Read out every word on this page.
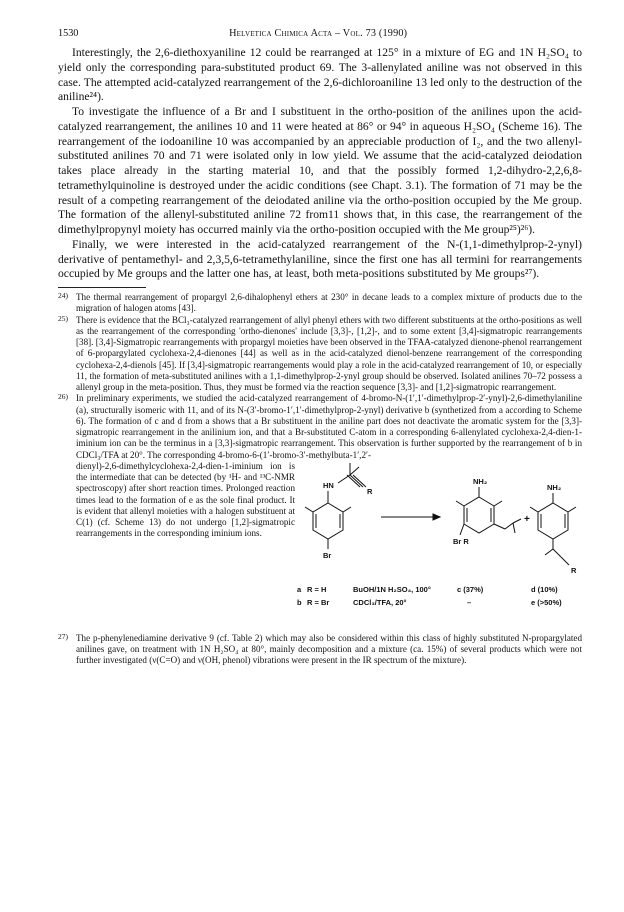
1530	Helvetica Chimica Acta – Vol. 73 (1990)

Interestingly, the 2,6-diethoxyaniline 12 could be rearranged at 125° in a mixture of EG and 1N H₂SO₄ to yield only the corresponding para-substituted product 69. The 3-allenylated aniline was not observed in this case. The attempted acid-catalyzed rearrangement of the 2,6-dichloroaniline 13 led only to the destruction of the aniline²⁴).

To investigate the influence of a Br and I substituent in the ortho-position of the anilines upon the acid-catalyzed rearrangement, the anilines 10 and 11 were heated at 86° or 94° in aqueous H₂SO₄ (Scheme 16). The rearrangement of the iodoaniline 10 was accompanied by an appreciable production of I₂, and the two allenyl-substituted anilines 70 and 71 were isolated only in low yield. We assume that the acid-catalyzed deiodation takes place already in the starting material 10, and that the possibly formed 1,2-dihydro-2,2,6,8-tetramethylquinoline is destroyed under the acidic conditions (see Chapt. 3.1). The formation of 71 may be the result of a competing rearrangement of the deiodated aniline via the ortho-position occupied by the Me group. The formation of the allenyl-substituted aniline 72 from11 shows that, in this case, the rearrangement of the dimethylpropynyl moiety has occurred mainly via the ortho-position occupied with the Me group²⁵)²⁶).

Finally, we were interested in the acid-catalyzed rearrangement of the N-(1,1-dimethylprop-2-ynyl) derivative of pentamethyl- and 2,3,5,6-tetramethylaniline, since the first one has all termini for rearrangements occupied by Me groups and the latter one has, at least, both meta-positions substituted by Me groups²⁷).

24) The thermal rearrangement of propargyl 2,6-dihalophenyl ethers at 230° in decane leads to a complex mixture of products due to the migration of halogen atoms [43].
25) There is evidence that the BCl₃-catalyzed rearrangement of allyl phenyl ethers with two different substituents at the ortho-positions as well as the rearrangement of the corresponding 'ortho-dienones' include [3,3]-, [1,2]-, and to some extent [3,4]-sigmatropic rearrangements [38]. [3,4]-Sigmatropic rearrangements with propargyl moieties have been observed in the TFAA-catalyzed dienone-phenol rearrangement of 6-propargylated cyclohexa-2,4-dienones [44] as well as in the acid-catalyzed dienol-benzene rearrangement of the corresponding cyclohexa-2,4-dienols [45]. If [3,4]-sigmatropic rearrangements would play a role in the acid-catalyzed rearrangement of 10, or especially 11, the formation of meta-substituted anilines with a 1,1-dimethylprop-2-ynyl group should be observed. Isolated anilines 70–72 possess a allenyl group in the meta-position. Thus, they must be formed via the reaction sequence [3,3]- and [1,2]-sigmatropic rearrangement.
26) In preliminary experiments, we studied the acid-catalyzed rearrangement of 4-bromo-N-(1′,1′-dimethylprop-2′-ynyl)-2,6-dimethylaniline (a), structurally isomeric with 11, and of its N-(3′-bromo-1′,1′-dimethylprop-2-ynyl) derivative b (synthetized from a according to Scheme 6). The formation of c and d from a shows that a Br substituent in the aniline part does not deactivate the aromatic system for the [3,3]-sigmatropic rearrangement in the anilinium ion, and that a Br-substituted C-atom in a corresponding 6-allenylated cyclohexa-2,4-dien-1-iminium ion can be the terminus in a [3,3]-sigmatropic rearrangement. This observation is further supported by the rearrangement of b in CDCl₃/TFA at 20°. The corresponding 4-bromo-6-(1′-bromo-3′-methylbuta-1′,2′-
dienyl)-2,6-dimethylcyclohexa-2,4-dien-1-iminium ion is the intermediate that can be detected (by ¹H- and ¹³C-NMR spectroscopy) after short reaction times. Prolonged reaction times lead to the formation of e as the sole final product. It is evident that allenyl moieties with a halogen substituent at C(1) (cf. Scheme 13) do not undergo [1,2]-sigmatropic rearrangements in the corresponding iminium ions.
HN
R
Br
NH₂
Br R
+
NH₂
R
a R = H	BuOH/1N H₂SO₄, 100°	c (37%)	d (10%)
b R = Br	CDCl₃/TFA, 20°	–	e (>50%)
27) The p-phenylenediamine derivative 9 (cf. Table 2) which may also be considered within this class of highly substituted N-propargylated anilines gave, on treatment with 1N H₂SO₄ at 80°, mainly decomposition and a mixture (ca. 15%) of several products which were not further investigated (ν(C=O) and ν(OH, phenol) vibrations were present in the IR spectrum of the mixture).
